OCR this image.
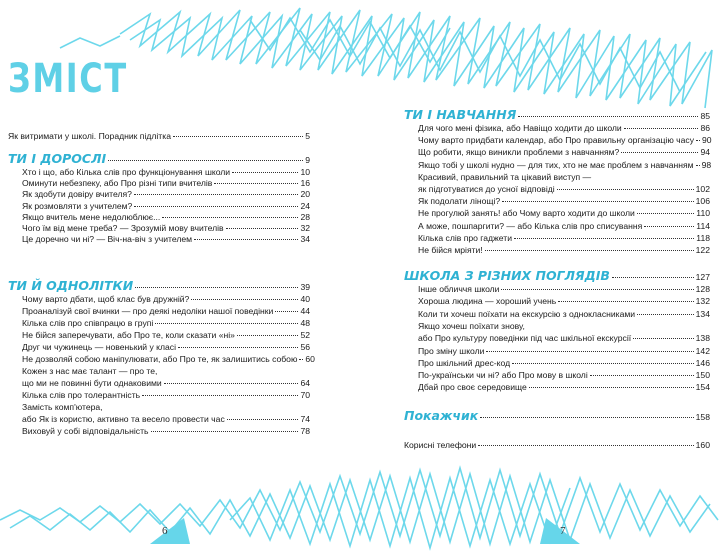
ЗМІСТ
Як витримати у школі. Порадник підлітка	5
ТИ І ДОРОСЛІ	9
ТИ Й ОДНОЛІТКИ	39
ТИ І НАВЧАННЯ	85
ШКОЛА З РІЗНИХ ПОГЛЯДІВ	127
Покажчик	158
Хто і що, або Кілька слів про функціонування школи	10
Оминути небезпеку, або Про різні типи вчителів	16
Як здобути довіру вчителя?	20
Як розмовляти з учителем?	24
Якщо вчитель мене недолюблює...	28
Чого їм від мене треба? — Зрозумій мову вчителів	32
Це доречно чи ні? — Віч-на-віч з учителем	34
Чому варто дбати, щоб клас був дружній?	40
Проаналізуй свої вчинки — про деякі недоліки нашої поведінки	44
Кілька слів про співпрацю в групі	48
Не бійся заперечувати, або Про те, коли сказати «ні»	52
Друг чи чужинець — новенький у класі	56
Не дозволяй собою маніпулювати, або Про те, як залишитись собою 60
Кожен з нас має талант — про те,
що ми не повинні бути однаковими	64
Кілька слів про толерантність	70
Замість комп'ютера,
або Як із користю, активно та весело провести час	74
Виховуй у собі відповідальність	78
Для чого мені фізика, або Навіщо ходити до школи	86
Чому варто придбати календар, або Про правильну організацію часу 90
Що робити, якщо виникли проблеми з навчанням?	94
Якщо тобі у школі нудно — для тих, хто не має проблем з навчанням 98
Красивий, правильний та цікавий виступ —
як підготуватися до усної відповіді	102
Як подолати лінощі?	106
Не прогулюй занять! або Чому варто ходити до школи	110
А може, пошпаргити? — або Кілька слів про списування	114
Кілька слів про гаджети	118
Не бійся мріяти!	122
Інше обличчя школи	128
Хороша людина — хороший учень	132
Коли ти хочеш поїхати на екскурсію з однокласниками	134
Якщо хочеш поїхати знову,
або Про культуру поведінки під час шкільної екскурсії	138
Про зміну школи	142
Про шкільний дрес-код	146
По-українськи чи ні? або Про мову в школі	150
Дбай про своє середовище	154
Корисні телефони	160
6	7
